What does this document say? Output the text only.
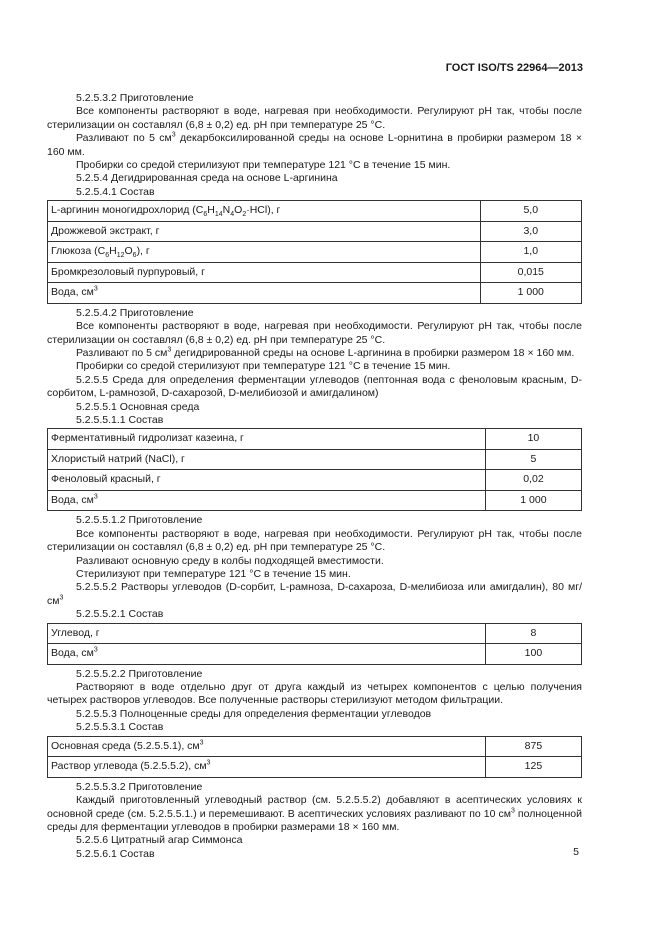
ГОСТ ISO/TS 22964—2013

5.2.5.3.2 Приготовление

Все компоненты растворяют в воде, нагревая при необходимости. Регулируют рН так, чтобы после стерилизации он составлял (6,8 ± 0,2) ед. рН при температуре 25 °С.

Разливают по 5 $см^3$ декарбоксилированной среды на основе L-орнитина в пробирки размером 18 × 160 мм.

Пробирки со средой стерилизуют при температуре 121 °С в течение 15 мин.

5.2.5.4 Дегидрированная среда на основе L-аргинина

5.2.5.4.1 Состав

L-аргинин моногидрохлорид $(C_6H_{14}N_4O_2\cdot HCl)$, г	5,0
Дрожжевой экстракт, г	3,0
Глюкоза $(C_6H_{12}O_6)$, г	1,0
Бромкрезоловый пурпуровый, г	0,015
Вода, $см^3$	1 000

5.2.5.4.2 Приготовление

Все компоненты растворяют в воде, нагревая при необходимости. Регулируют рН так, чтобы после стерилизации он составлял (6,8 ± 0,2) ед. рН при температуре 25 °С.

Разливают по 5 $см^3$ дегидрированной среды на основе L-аргинина в пробирки размером 18 × 160 мм.

Пробирки со средой стерилизуют при температуре 121 °С в течение 15 мин.

5.2.5.5 Среда для определения ферментации углеводов (пептонная вода с феноловым красным, D-сорбитом, L-рамнозой, D-сахарозой, D-мелибиозой и амигдалином)

5.2.5.5.1 Основная среда

5.2.5.5.1.1 Состав

Ферментативный гидролизат казеина, г	10
Хлористый натрий (NaCl), г	5
Феноловый красный, г	0,02
Вода, $см^3$	1 000

5.2.5.5.1.2 Приготовление

Все компоненты растворяют в воде, нагревая при необходимости. Регулируют рН так, чтобы после стерилизации он составлял (6,8 ± 0,2) ед. рН при температуре 25 °С.

Разливают основную среду в колбы подходящей вместимости.

Стерилизуют при температуре 121 °С в течение 15 мин.

5.2.5.5.2 Растворы углеводов (D-сорбит, L-рамноза, D-сахароза, D-мелибиоза или амигдалин), 80 $мг/см^3$

5.2.5.5.2.1 Состав

Углевод, г	8
Вода, $см^3$	100

5.2.5.5.2.2 Приготовление

Растворяют в воде отдельно друг от друга каждый из четырех компонентов с целью получения четырех растворов углеводов. Все полученные растворы стерилизуют методом фильтрации.

5.2.5.5.3 Полноценные среды для определения ферментации углеводов

5.2.5.5.3.1 Состав

Основная среда (5.2.5.5.1), $см^3$	875
Раствор углевода (5.2.5.5.2), $см^3$	125

5.2.5.5.3.2 Приготовление

Каждый приготовленный углеводный раствор (см. 5.2.5.5.2) добавляют в асептических условиях к основной среде (см. 5.2.5.5.1.) и перемешивают. В асептических условиях разливают по 10 $см^3$ полноценной среды для ферментации углеводов в пробирки размерами 18 × 160 мм.

5.2.5.6 Цитратный агар Симмонса

5.2.5.6.1 Состав	5
